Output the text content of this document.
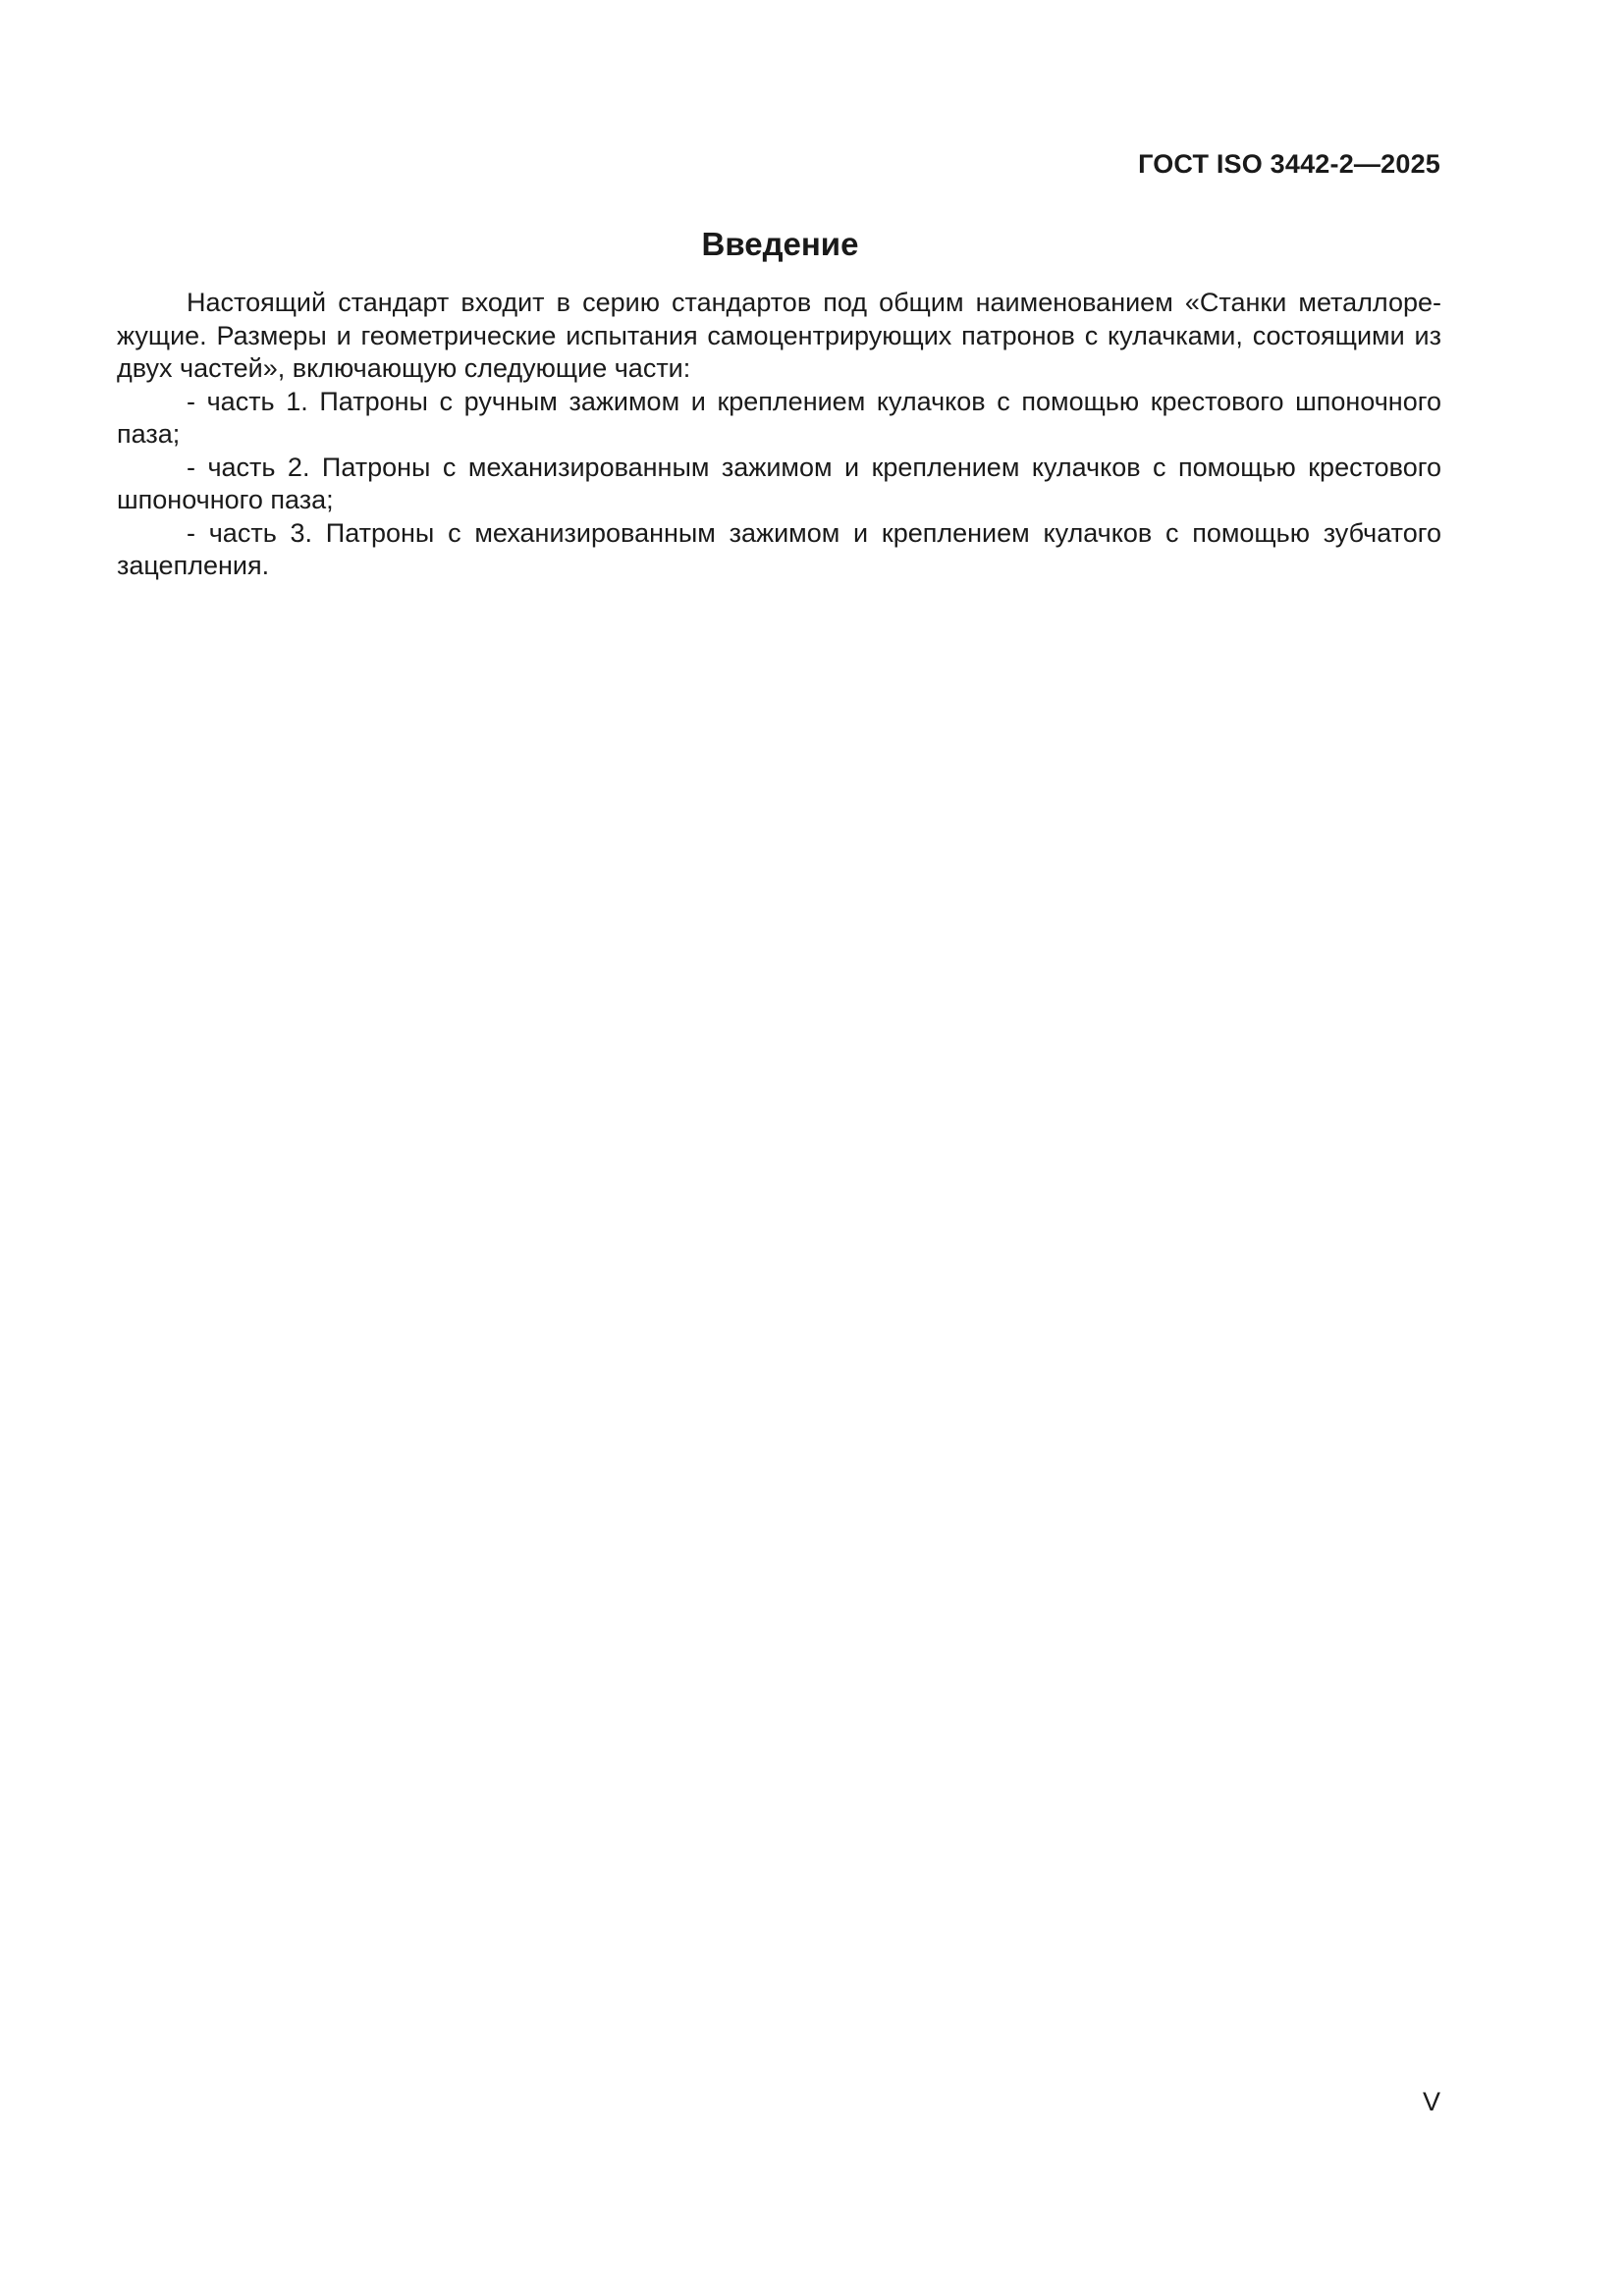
ГОСТ ISO 3442-2—2025
Введение

Настоящий стандарт входит в серию стандартов под общим наименованием «Станки металлорежущие. Размеры и геометрические испытания самоцентрирующих патронов с кулачками, состоящими из двух частей», включающую следующие части:

- часть 1. Патроны с ручным зажимом и креплением кулачков с помощью крестового шпоночного паза;

- часть 2. Патроны с механизированным зажимом и креплением кулачков с помощью крестового шпоночного паза;

- часть 3. Патроны с механизированным зажимом и креплением кулачков с помощью зубчатого зацепления.

V
